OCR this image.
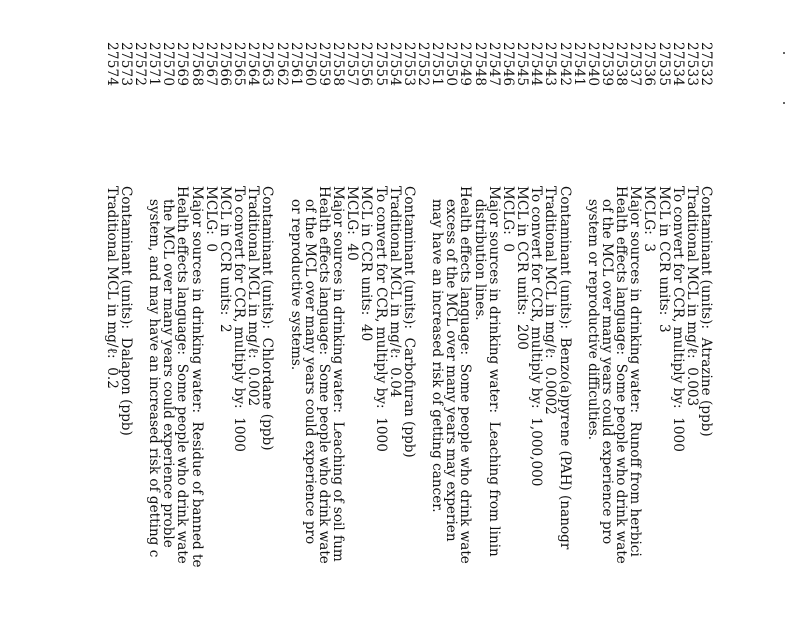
27532
Contaminant (units):  Atrazine (ppb)
27533
Traditional MCL in mg/ℓ:  0.003
27534
To convert for CCR, multiply by:  1000
27535
MCL in CCR units:  3
27536
MCLG:  3
27537
Major sources in drinking water:  Runoff from herbici
27538
Health effects language:  Some people who drink wate
27539
of the MCL over many years could experience pro
27540
system or reproductive difficulties.
27541
27542
Contaminant (units):  Benzo(a)pyrene (PAH) (nanogr
27543
Traditional MCL in mg/ℓ:  0.0002
27544
To convert for CCR, multiply by:  1,000,000
27545
MCL in CCR units:  200
27546
MCLG:  0
27547
Major sources in drinking water:  Leaching from linin
27548
distribution lines.
27549
Health effects language:  Some people who drink wate
27550
excess of the MCL over many years may experien
27551
may have an increased risk of getting cancer.
27552
27553
Contaminant (units):  Carbofuran (ppb)
27554
Traditional MCL in mg/ℓ:  0.04
27555
To convert for CCR, multiply by:  1000
27556
MCL in CCR units:  40
27557
MCLG:  40
27558
Major sources in drinking water:  Leaching of soil fum
27559
Health effects language:  Some people who drink wate
27560
of the MCL over many years could experience pro
27561
or reproductive systems.
27562
27563
Contaminant (units):  Chlordane (ppb)
27564
Traditional MCL in mg/ℓ:  0.002
27565
To convert for CCR, multiply by:  1000
27566
MCL in CCR units:  2
27567
MCLG:  0
27568
Major sources in drinking water:  Residue of banned te
27569
Health effects language:  Some people who drink wate
27570
the MCL over many years could experience proble
27571
system, and may have an increased risk of getting c
27572
27573
Contaminant (units):  Dalapon (ppb)
27574
Traditional MCL in mg/ℓ:  0.2
